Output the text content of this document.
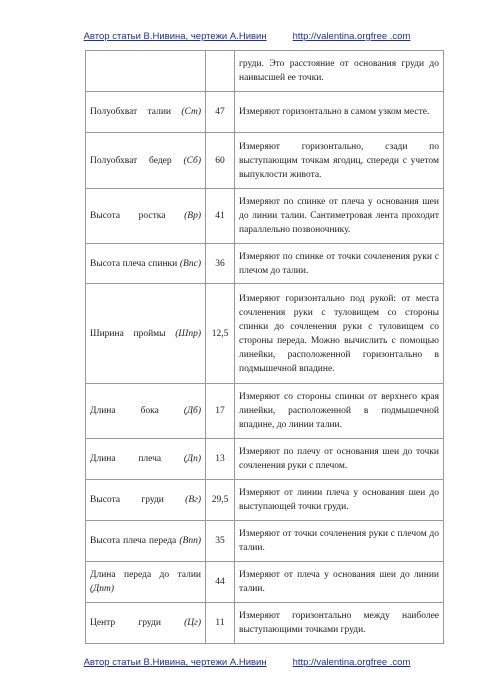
Автор статьи В.Нивина, чертежи А.Нивин	http://valentina.orgfree .com
		груди. Это расстояние от основания груди до наивысшей ее точки.
Полуобхват талии (Ст)	47	Измеряют горизонтально в самом узком месте.
Полуобхват бедер (Сб)	60	Измеряют горизонтально, сзади по выступающим точкам ягодиц, спереди с учетом выпуклости живота.
Высота ростка (Вр)	41	Измеряют по спинке от плеча у основания шеи до линии талии. Сантиметровая лента проходит параллельно позвоночнику.
Высота плеча спинки (Впс)	36	Измеряют по спинке от точки сочленения руки с плечом до талии.
Ширина проймы (Шпр)	12,5	Измеряют горизонтально под рукой: от места сочленения руки с туловищем со стороны спинки до сочленения руки с туловищем со стороны переда. Можно вычислить с помощью линейки, расположенной горизонтально в подмышечной впадине.
Длина бока (Дб)	17	Измеряют со стороны спинки от верхнего края линейки, расположенной в подмышечной впадине, до линии талии.
Длина плеча (Дп)	13	Измеряют по плечу от основания шеи до точки сочленения руки с плечом.
Высота груди (Вг)	29,5	Измеряют от линии плеча у основания шеи до выступающей точки груди.
Высота плеча переда (Впп)	35	Измеряют от точки сочленения руки с плечом до талии.
Длина переда до талии (Дпт)	44	Измеряют от плеча у основания шеи до линии талии.
Центр груди (Цг)	11	Измеряют горизонтально между наиболее выступающими точками груди.
Автор статьи В.Нивина, чертежи А.Нивин	http://valentina.orgfree .com
